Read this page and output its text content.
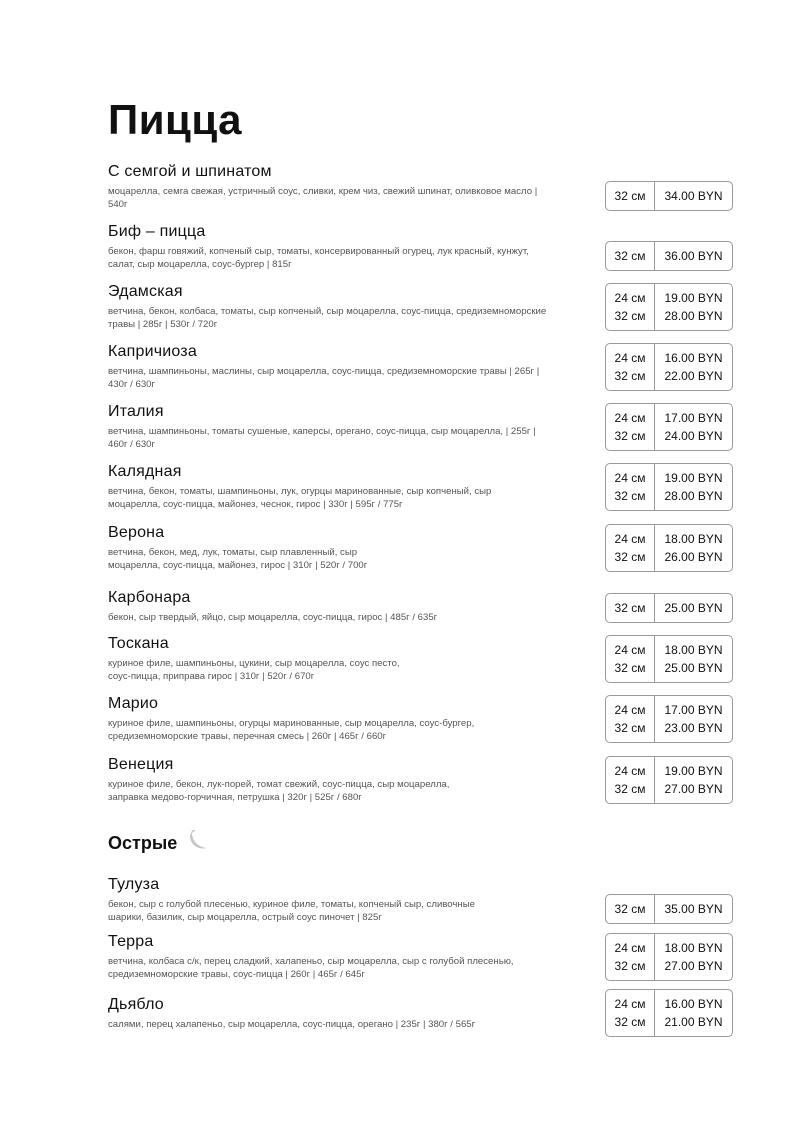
Пицца
С семгой и шпинатом
моцарелла, семга свежая, устричный соус, сливки, крем чиз, свежий шпинат, оливковое масло | 540г
32 см 34.00 BYN
Биф – пицца
бекон, фарш говяжий, копченый сыр, томаты, консервированный огурец, лук красный, кунжут, салат, сыр моцарелла, соус-бургер | 815г
32 см 36.00 BYN
Эдамская
ветчина, бекон, колбаса, томаты, сыр копченый, сыр моцарелла, соус-пицца, средиземноморские травы | 285г | 530г / 720г
24 см
32 см
19.00 BYN
28.00 BYN
Капричиоза
ветчина, шампиньоны, маслины, сыр моцарелла, соус-пицца, средиземноморские травы | 265г | 430г / 630г
24 см
32 см
16.00 BYN
22.00 BYN
Италия
ветчина, шампиньоны, томаты сушеные, каперсы, орегано, соус-пицца, сыр моцарелла, | 255г | 460г / 630г
24 см
32 см
17.00 BYN
24.00 BYN
Калядная
ветчина, бекон, томаты, шампиньоны, лук, огурцы маринованные, сыр копченый, сыр моцарелла, соус-пицца, майонез, чеснок, гирос | 330г | 595г / 775г
24 см
32 см
19.00 BYN
28.00 BYN
Верона
ветчина, бекон, мед, лук, томаты, сыр плавленный, сыр моцарелла, соус-пицца, майонез, гирос | 310г | 520г / 700г
24 см
32 см
18.00 BYN
26.00 BYN
Карбонара
бекон, сыр твердый, яйцо, сыр моцарелла, соус-пицца, гирос | 485г / 635г
32 см 25.00 BYN
Тоскана
куриное филе, шампиньоны, цукини, сыр моцарелла, соус песто, соус-пицца, приправа гирос | 310г | 520г / 670г
24 см
32 см
18.00 BYN
25.00 BYN
Марио
куриное филе, шампиньоны, огурцы маринованные, сыр моцарелла, соус-бургер, средиземноморские травы, перечная смесь | 260г | 465г / 660г
24 см
32 см
17.00 BYN
23.00 BYN
Венеция
куриное филе, бекон, лук-порей, томат свежий, соус-пицца, сыр моцарелла, заправка медово-горчичная, петрушка | 320г | 525г / 680г
24 см
32 см
19.00 BYN
27.00 BYN
Острые
Тулуза
бекон, сыр с голубой плесенью, куриное филе, томаты, копченый сыр, сливочные шарики, базилик, сыр моцарелла, острый соус пиночет | 825г
32 см 35.00 BYN
Терра
ветчина, колбаса с/к, перец сладкий, халапеньо, сыр моцарелла, сыр с голубой плесенью, средиземноморские травы, соус-пицца | 260г | 465г / 645г
24 см
32 см
18.00 BYN
27.00 BYN
Дьябло
салями, перец халапеньо, сыр моцарелла, соус-пицца, орегано | 235г | 380г / 565г
24 см
32 см
16.00 BYN
21.00 BYN
